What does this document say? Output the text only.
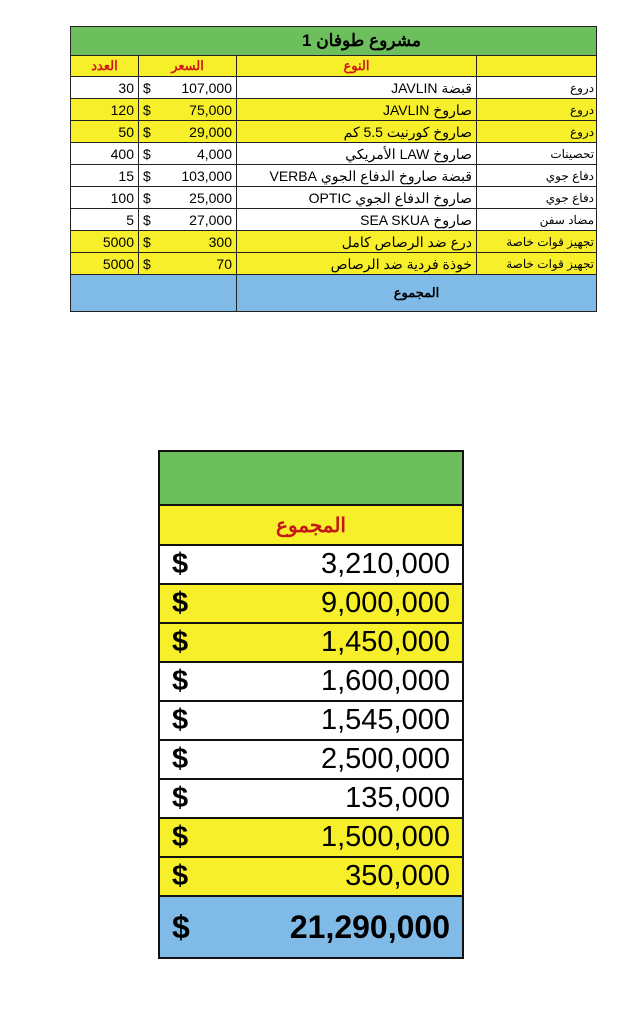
مشروع طوفان 1			
العدد	السعر	النوع	
30	$ 107,000	قبضة JAVLIN	دروع
120	$ 75,000	صاروخ JAVLIN	دروع
50	$ 29,000	صاروخ كورنيت 5.5 كم	دروع
400	$ 4,000	صاروخ LAW الأمريكي	تحصينات
15	$ 103,000	قبضة صاروخ الدفاع الجوي VERBA	دفاع جوي
100	$ 25,000	صاروخ الدفاع الجوي OPTIC	دفاع جوي
5	$ 27,000	صاروخ SEA SKUA	مضاد سفن
5000	$ 300	درع ضد الرصاص كامل	تجهيز قوات خاصة
5000	$ 70	خوذة فردية ضد الرصاص	تجهيز قوات خاصة
		المجموع	

المجموع

$	3,210,000

$	9,000,000

$	1,450,000

$	1,600,000

$	1,545,000

$	2,500,000

$	135,000

$	1,500,000

$	350,000

$	21,290,000
